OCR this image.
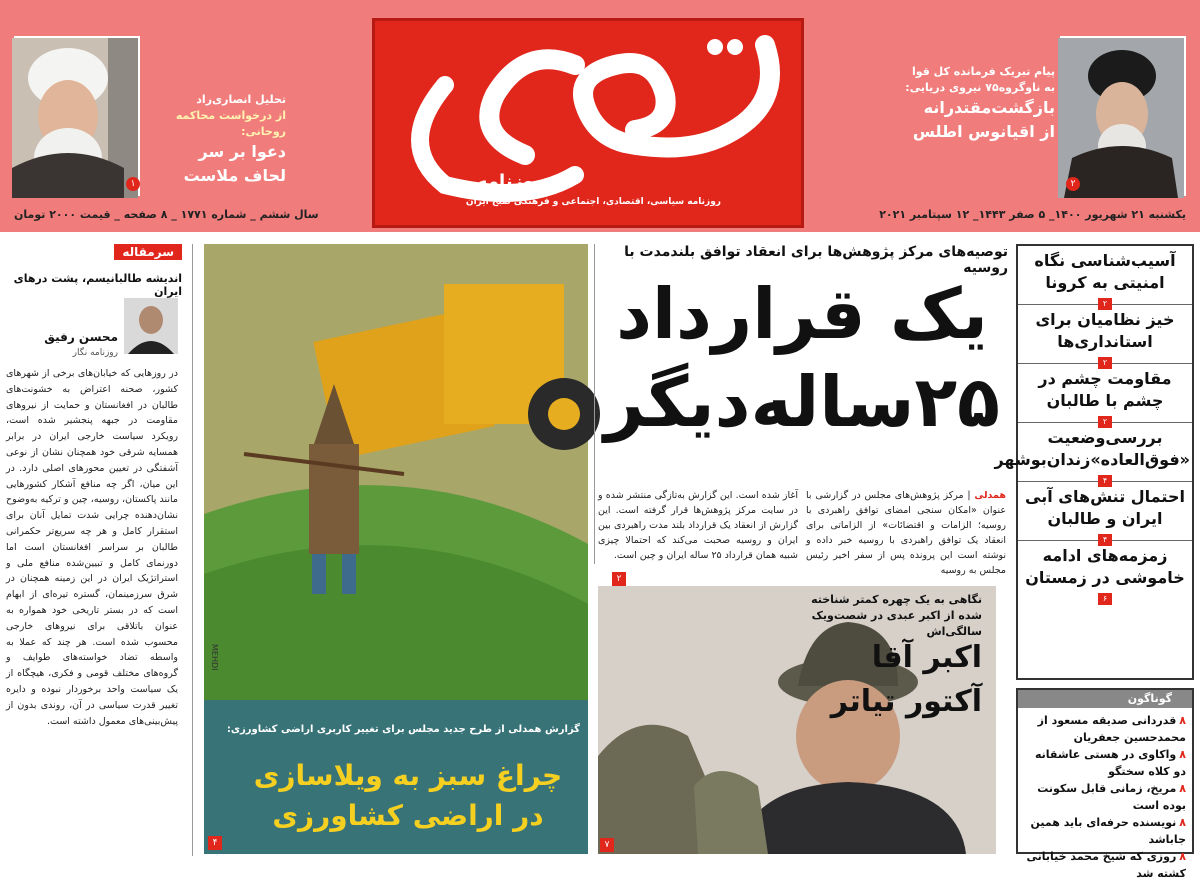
۱
تحلیل انصاری‌راد
از درخواست محاکمه روحانی:
دعوا بر سر
لحاف ملاست	روزنامه
روزنامه سیاسی، اقتصادی، اجتماعی و فرهنگی صبح ایران
پیام تبریک فرمانده کل قوا
به ناوگروه۷۵ نیروی دریایی:
بازگشت‌مقتدرانه
از اقیانوس اطلس
۲
سال ششم _ شماره ۱۷۷۱ _ ۸ صفحه _ قیمت ۲۰۰۰ تومان	یکشنبه ۲۱ شهریور ۱۴۰۰_ ۵ صفر ۱۴۴۳_ ۱۲ سپتامبر ۲۰۲۱
آسیب‌شناسی نگاه امنیتی به کرونا
۲
خیز نظامیان برای استانداری‌ها
۲
مقاومت چشم در چشم با طالبان
۲
بررسی‌وضعیت «فوق‌العاده»زندان‌بوشهر
۴
احتمال تنش‌های آبی ایران و طالبان
۴
زمزمه‌های ادامه خاموشی در زمستان
۶
گوناگون
۸قدردانی صدیقه مسعود از محمدحسین جعفریان
۸واکاوی در هستی عاشقانه دو کلاه سختگو
۸مریخ، زمانی قابل سکونت بوده است
۸نویسنده حرفه‌ای باید همین جاباشد
۸روزی که شیخ محمد خیابانی کشته شد
توصیه‌های مرکز پژوهش‌ها برای انعقاد توافق بلندمدت با روسیه
یک قرارداد
۲۵ساله‌دیگر
همدلی | مرکز پژوهش‌های مجلس در گزارشی با عنوان «امکان سنجی امضای توافق راهبردی با روسیه؛ الزامات و اقتضائات» از الزاماتی برای انعقاد یک توافق راهبردی با روسیه خبر داده و نوشته است این پرونده پس از سفر اخیر رئیس مجلس به روسیه
آغاز شده است. این گزارش به‌تازگی منتشر شده و در سایت مرکز پژوهش‌ها قرار گرفته است. این گزارش از انعقاد یک قرارداد بلند مدت راهبردی بین ایران و روسیه صحبت می‌کند که احتمالا چیزی شبیه همان قرارداد ۲۵ ساله ایران و چین است.
۲
نگاهی به یک چهره کمتر شناخته شده از اکبر عبدی در شصت‌ویک سالگی‌اش
اکبر آقا
آکتور تیاتر
۷
MEHDI
گزارش همدلی از طرح جدید مجلس برای تغییر کاربری اراضی کشاورزی:
چراغ سبز به ویلاسازی
در اراضی کشاورزی
۴
سرمقاله
اندیشه طالبانیسم، پشت درهای ایران
محسن رفیق
روزنامه نگار
در روزهایی که خیابان‌های برخی از شهرهای کشور، صحنه اعتراض به خشونت‌های طالبان در افغانستان و حمایت از نیروهای مقاومت در جبهه پنجشیر شده است، رویکرد سیاست خارجی ایران در برابر همسایه شرقی خود همچنان نشان از نوعی آشفتگی در تعیین محورهای اصلی دارد. در این میان، اگر چه منافع آشکار کشورهایی مانند پاکستان، روسیه، چین و ترکیه به‌وضوح نشان‌دهنده چرایی شدت تمایل آنان برای استقرار کامل و هر چه سریع‌تر حکمرانی طالبان بر سراسر افغانستان است اما دورنمای کامل و تبیین‌شده منافع ملی و استراتژیک ایران در این زمینه همچنان در شرق سرزمینمان، گستره تیره‌ای از ابهام است که در بستر تاریخی خود همواره به عنوان باتلاقی برای نیروهای خارجی محسوب شده است. هر چند که عملا به واسطه تضاد خواسته‌های طوایف و گروه‌های مختلف قومی و فکری، هیچگاه از یک سیاست واحد برخوردار نبوده و دایره تغییر قدرت سیاسی در آن، روندی بدون از پیش‌بینی‌های معمول داشته است.
